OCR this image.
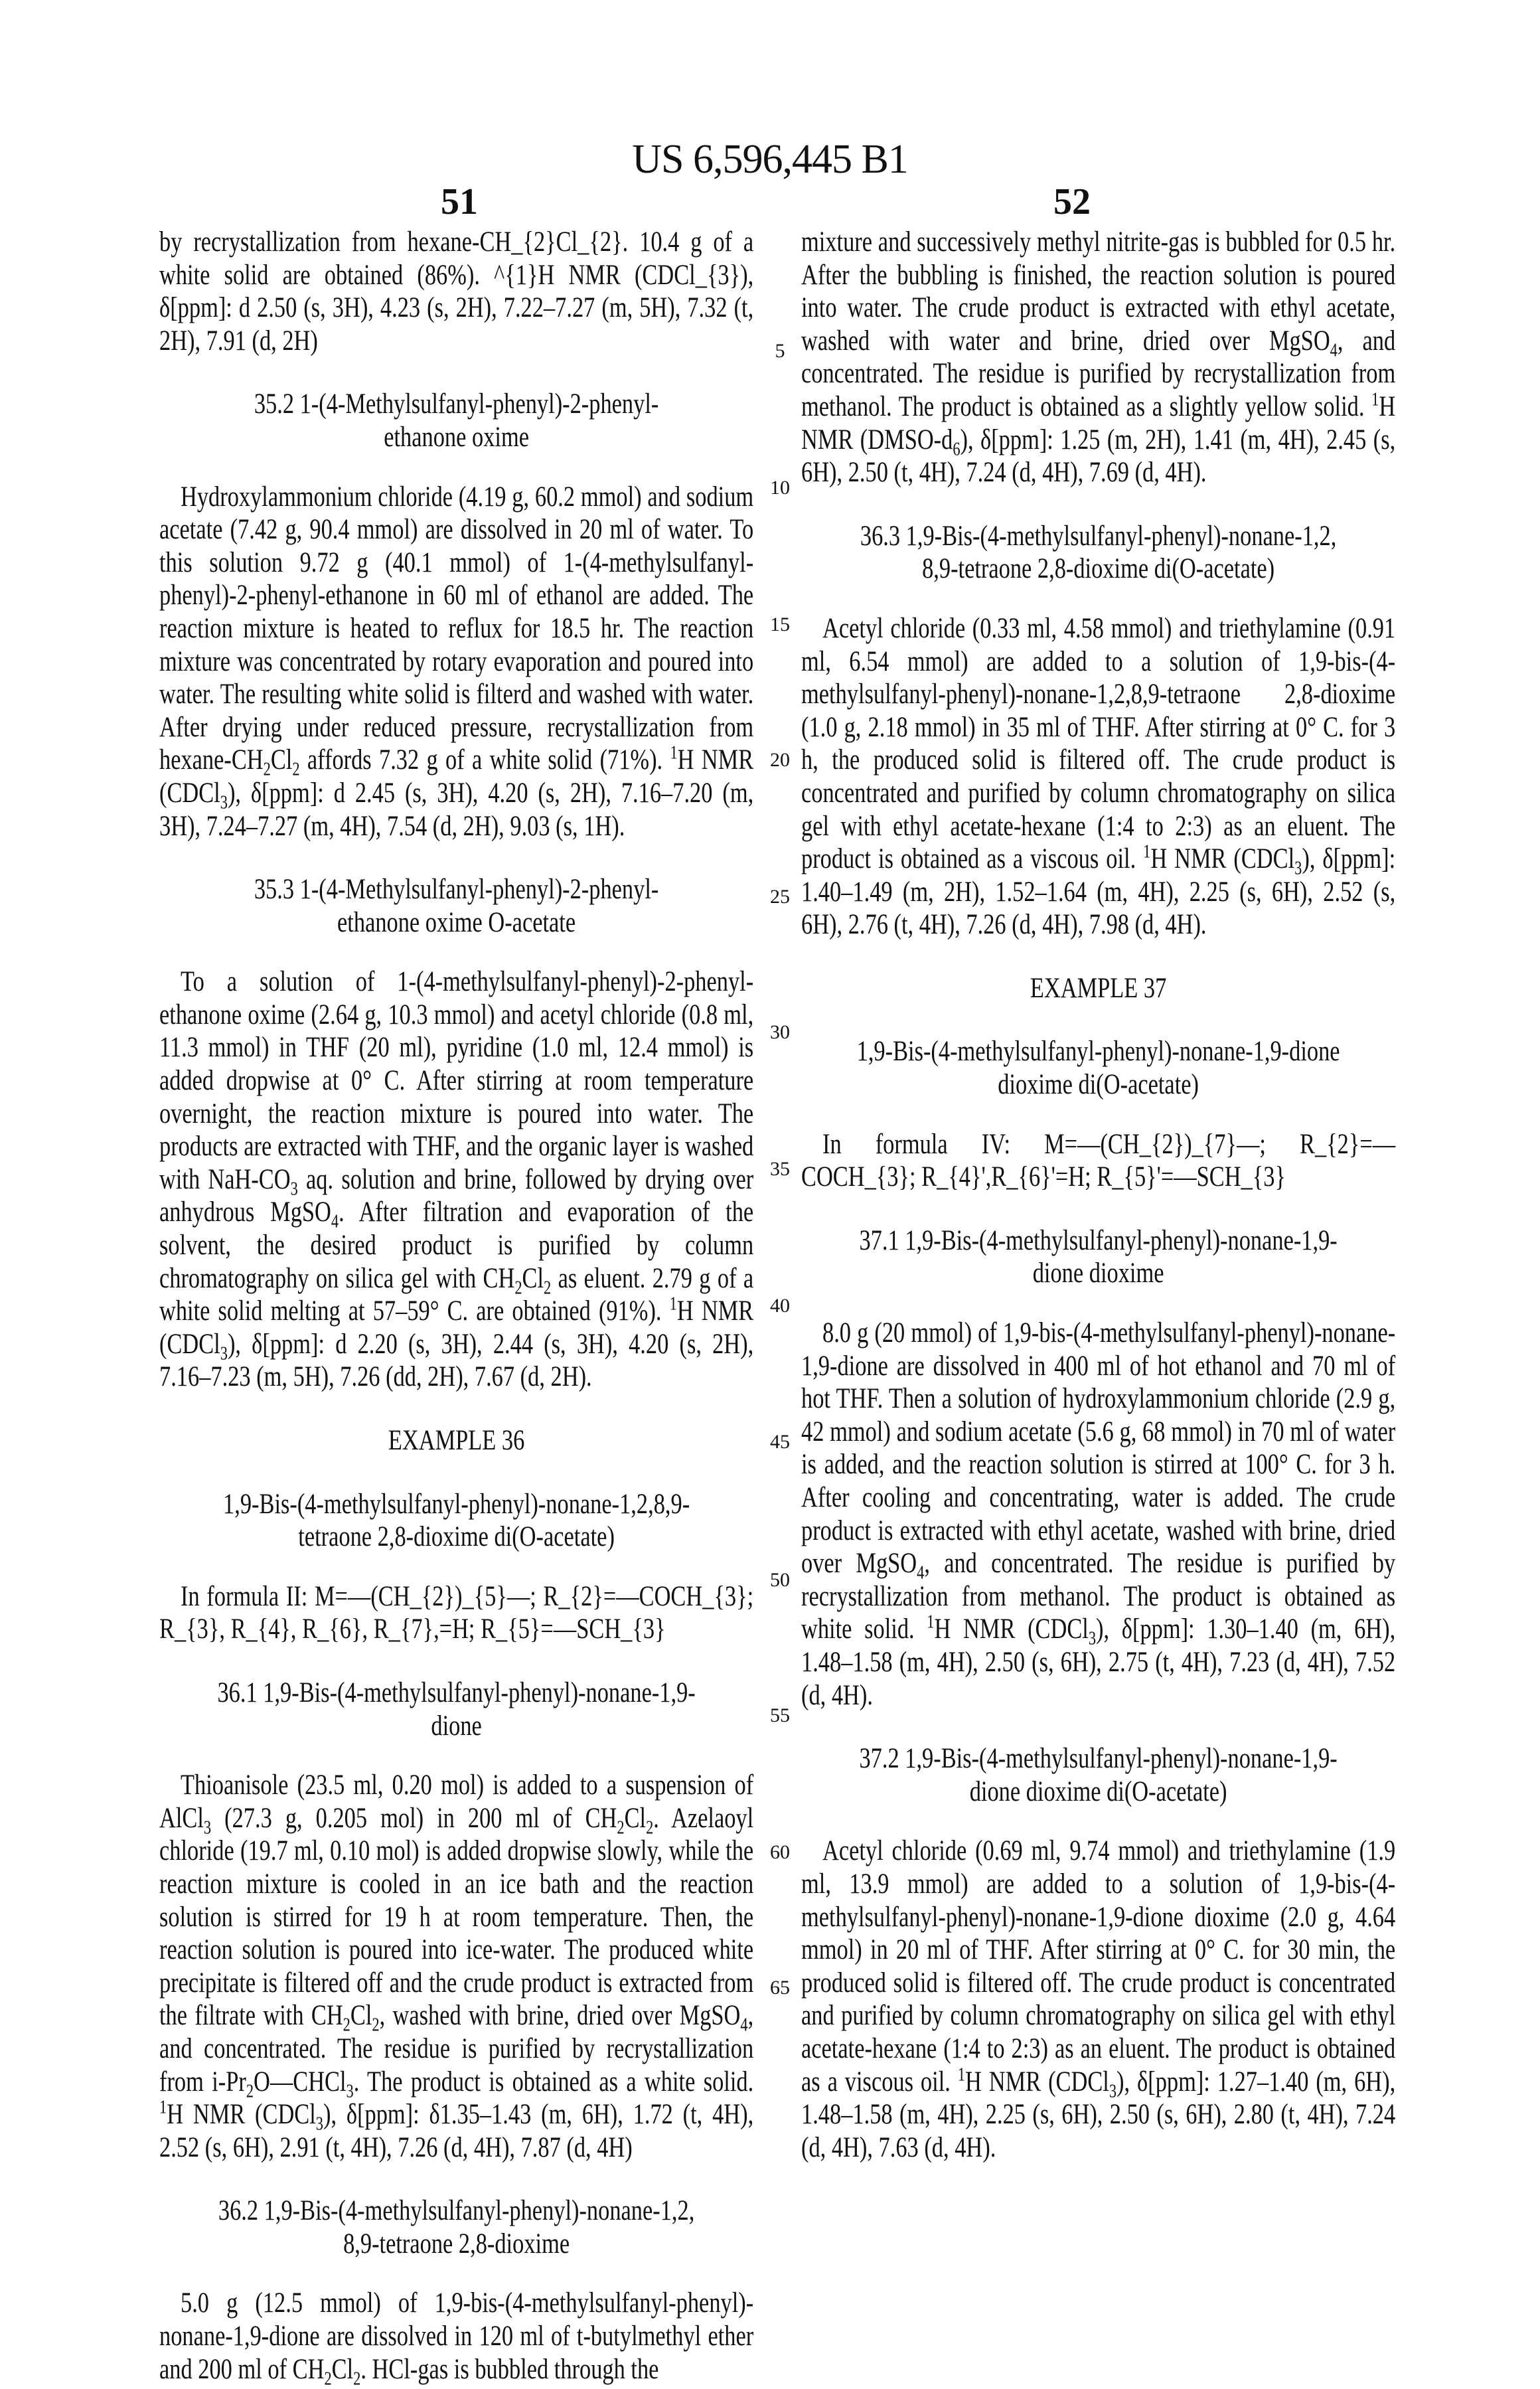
US 6,596,445 B1
51	52

by recrystallization from hexane-CH_{2}Cl_{2}. 10.4 g of a white solid are obtained (86%). ^{1}H NMR (CDCl_{3}), δ[ppm]: d 2.50 (s, 3H), 4.23 (s, 2H), 7.22–7.27 (m, 5H), 7.32 (t, 2H), 7.91 (d, 2H)

35.2 1-(4-Methylsulfanyl-phenyl)-2-phenyl-
ethanone oxime

Hydroxylammonium chloride (4.19 g, 60.2 mmol) and sodium acetate (7.42 g, 90.4 mmol) are dissolved in 20 ml of water. To this solution 9.72 g (40.1 mmol) of 1-(4-methylsulfanyl-phenyl)-2-phenyl-ethanone in 60 ml of ethanol are added. The reaction mixture is heated to reflux for 18.5 hr. The reaction mixture was concentrated by rotary evaporation and poured into water. The resulting white solid is filterd and washed with water. After drying under reduced pressure, recrystallization from hexane-CH2Cl2 affords 7.32 g of a white solid (71%). 1H NMR (CDCl3), δ[ppm]: d 2.45 (s, 3H), 4.20 (s, 2H), 7.16–7.20 (m, 3H), 7.24–7.27 (m, 4H), 7.54 (d, 2H), 9.03 (s, 1H).

35.3 1-(4-Methylsulfanyl-phenyl)-2-phenyl-
ethanone oxime O-acetate

To a solution of 1-(4-methylsulfanyl-phenyl)-2-phenyl-ethanone oxime (2.64 g, 10.3 mmol) and acetyl chloride (0.8 ml, 11.3 mmol) in THF (20 ml), pyridine (1.0 ml, 12.4 mmol) is added dropwise at 0° C. After stirring at room temperature overnight, the reaction mixture is poured into water. The products are extracted with THF, and the organic layer is washed with NaH-CO3 aq. solution and brine, followed by drying over anhydrous MgSO4. After filtration and evaporation of the solvent, the desired product is purified by column chromatography on silica gel with CH2Cl2 as eluent. 2.79 g of a white solid melting at 57–59° C. are obtained (91%). 1H NMR (CDCl3), δ[ppm]: d 2.20 (s, 3H), 2.44 (s, 3H), 4.20 (s, 2H), 7.16–7.23 (m, 5H), 7.26 (dd, 2H), 7.67 (d, 2H).

EXAMPLE 36
1,9-Bis-(4-methylsulfanyl-phenyl)-nonane-1,2,8,9-
tetraone 2,8-dioxime di(O-acetate)

In formula II: M=—(CH_{2})_{5}—; R_{2}=—COCH_{3}; R_{3}, R_{4}, R_{6}, R_{7},=H; R_{5}=—SCH_{3}

36.1 1,9-Bis-(4-methylsulfanyl-phenyl)-nonane-1,9-
dione

Thioanisole (23.5 ml, 0.20 mol) is added to a suspension of AlCl3 (27.3 g, 0.205 mol) in 200 ml of CH2Cl2. Azelaoyl chloride (19.7 ml, 0.10 mol) is added dropwise slowly, while the reaction mixture is cooled in an ice bath and the reaction solution is stirred for 19 h at room temperature. Then, the reaction solution is poured into ice-water. The produced white precipitate is filtered off and the crude product is extracted from the filtrate with CH2Cl2, washed with brine, dried over MgSO4, and concentrated. The residue is purified by recrystallization from i-Pr2O—CHCl3. The product is obtained as a white solid. 1H NMR (CDCl3), δ[ppm]: δ1.35–1.43 (m, 6H), 1.72 (t, 4H), 2.52 (s, 6H), 2.91 (t, 4H), 7.26 (d, 4H), 7.87 (d, 4H)

36.2 1,9-Bis-(4-methylsulfanyl-phenyl)-nonane-1,2,
8,9-tetraone 2,8-dioxime

5.0 g (12.5 mmol) of 1,9-bis-(4-methylsulfanyl-phenyl)-nonane-1,9-dione are dissolved in 120 ml of t-butylmethyl ether and 200 ml of CH2Cl2. HCl-gas is bubbled through the

mixture and successively methyl nitrite-gas is bubbled for 0.5 hr. After the bubbling is finished, the reaction solution is poured into water. The crude product is extracted with ethyl acetate, washed with water and brine, dried over MgSO4, and concentrated. The residue is purified by recrystallization from methanol. The product is obtained as a slightly yellow solid. 1H NMR (DMSO-d6), δ[ppm]: 1.25 (m, 2H), 1.41 (m, 4H), 2.45 (s, 6H), 2.50 (t, 4H), 7.24 (d, 4H), 7.69 (d, 4H).

36.3 1,9-Bis-(4-methylsulfanyl-phenyl)-nonane-1,2,
8,9-tetraone 2,8-dioxime di(O-acetate)

Acetyl chloride (0.33 ml, 4.58 mmol) and triethylamine (0.91 ml, 6.54 mmol) are added to a solution of 1,9-bis-(4-methylsulfanyl-phenyl)-nonane-1,2,8,9-tetraone 2,8-dioxime (1.0 g, 2.18 mmol) in 35 ml of THF. After stirring at 0° C. for 3 h, the produced solid is filtered off. The crude product is concentrated and purified by column chromatography on silica gel with ethyl acetate-hexane (1:4 to 2:3) as an eluent. The product is obtained as a viscous oil. 1H NMR (CDCl3), δ[ppm]: 1.40–1.49 (m, 2H), 1.52–1.64 (m, 4H), 2.25 (s, 6H), 2.52 (s, 6H), 2.76 (t, 4H), 7.26 (d, 4H), 7.98 (d, 4H).

EXAMPLE 37
1,9-Bis-(4-methylsulfanyl-phenyl)-nonane-1,9-dione
dioxime di(O-acetate)

In formula IV: M=—(CH_{2})_{7}—; R_{2}=—COCH_{3}; R_{4}',R_{6}'=H; R_{5}'=—SCH_{3}

37.1 1,9-Bis-(4-methylsulfanyl-phenyl)-nonane-1,9-
dione dioxime

8.0 g (20 mmol) of 1,9-bis-(4-methylsulfanyl-phenyl)-nonane-1,9-dione are dissolved in 400 ml of hot ethanol and 70 ml of hot THF. Then a solution of hydroxylammonium chloride (2.9 g, 42 mmol) and sodium acetate (5.6 g, 68 mmol) in 70 ml of water is added, and the reaction solution is stirred at 100° C. for 3 h. After cooling and concentrating, water is added. The crude product is extracted with ethyl acetate, washed with brine, dried over MgSO4, and concentrated. The residue is purified by recrystallization from methanol. The product is obtained as white solid. 1H NMR (CDCl3), δ[ppm]: 1.30–1.40 (m, 6H), 1.48–1.58 (m, 4H), 2.50 (s, 6H), 2.75 (t, 4H), 7.23 (d, 4H), 7.52 (d, 4H).

37.2 1,9-Bis-(4-methylsulfanyl-phenyl)-nonane-1,9-
dione dioxime di(O-acetate)

Acetyl chloride (0.69 ml, 9.74 mmol) and triethylamine (1.9 ml, 13.9 mmol) are added to a solution of 1,9-bis-(4-methylsulfanyl-phenyl)-nonane-1,9-dione dioxime (2.0 g, 4.64 mmol) in 20 ml of THF. After stirring at 0° C. for 30 min, the produced solid is filtered off. The crude product is concentrated and purified by column chromatography on silica gel with ethyl acetate-hexane (1:4 to 2:3) as an eluent. The product is obtained as a viscous oil. 1H NMR (CDCl3), δ[ppm]: 1.27–1.40 (m, 6H), 1.48–1.58 (m, 4H), 2.25 (s, 6H), 2.50 (s, 6H), 2.80 (t, 4H), 7.24 (d, 4H), 7.63 (d, 4H).

5
10
15
20
25
30
35
40
45
50
55
60
65
